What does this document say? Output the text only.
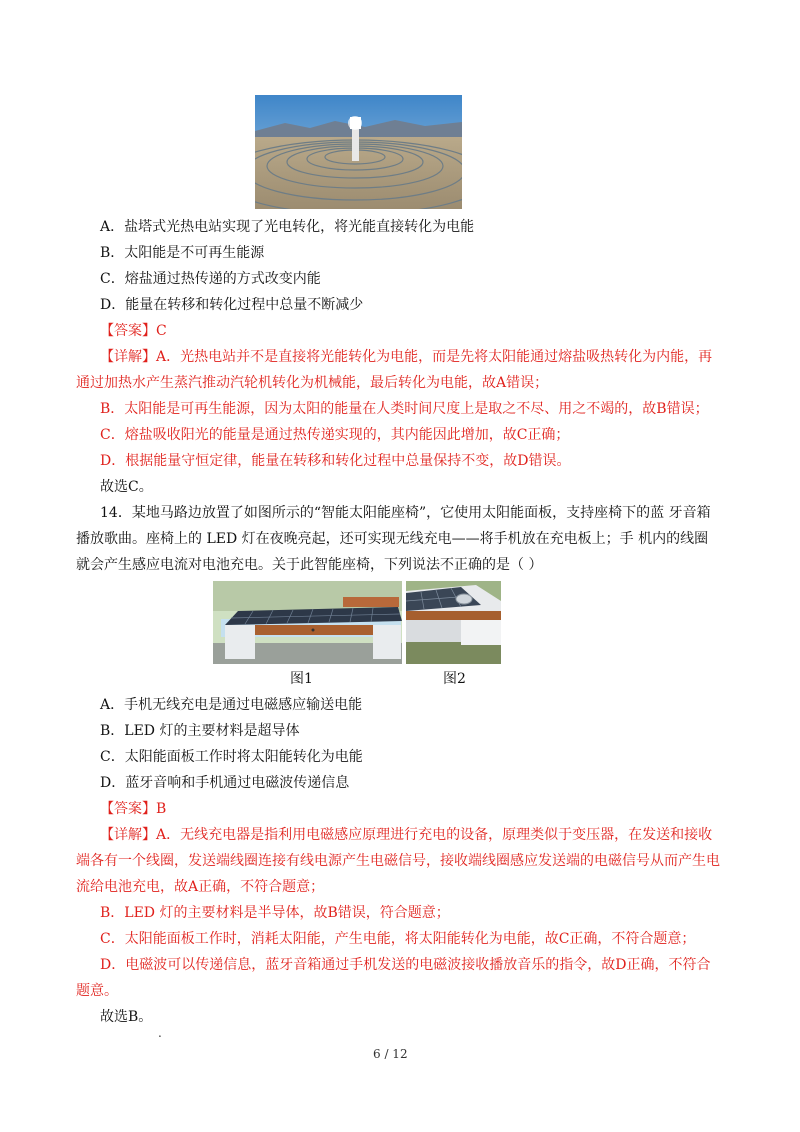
A．盐塔式光热电站实现了光电转化，将光能直接转化为电能
B．太阳能是不可再生能源
C．熔盐通过热传递的方式改变内能
D．能量在转移和转化过程中总量不断减少
【答案】C
【详解】A．光热电站并不是直接将光能转化为电能，而是先将太阳能通过熔盐吸热转化为内能，再
通过加热水产生蒸汽推动汽轮机转化为机械能，最后转化为电能，故A错误；
B．太阳能是可再生能源，因为太阳的能量在人类时间尺度上是取之不尽、用之不竭的，故B错误；
C．熔盐吸收阳光的能量是通过热传递实现的，其内能因此增加，故C正确；
D．根据能量守恒定律，能量在转移和转化过程中总量保持不变，故D错误。
故选C。
14．某地马路边放置了如图所示的“智能太阳能座椅”，它使用太阳能面板，支持座椅下的蓝 牙音箱
播放歌曲。座椅上的 LED 灯在夜晚亮起，还可实现无线充电——将手机放在充电板上；手 机内的线圈
就会产生感应电流对电池充电。关于此智能座椅，下列说法不正确的是（ ）
图1	图2
A．手机无线充电是通过电磁感应输送电能
B．LED 灯的主要材料是超导体
C．太阳能面板工作时将太阳能转化为电能
D．蓝牙音响和手机通过电磁波传递信息
【答案】B
【详解】A．无线充电器是指利用电磁感应原理进行充电的设备，原理类似于变压器，在发送和接收
端各有一个线圈，发送端线圈连接有线电源产生电磁信号，接收端线圈感应发送端的电磁信号从而产生电
流给电池充电，故A正确，不符合题意；
B．LED 灯的主要材料是半导体，故B错误，符合题意；
C．太阳能面板工作时，消耗太阳能，产生电能，将太阳能转化为电能，故C正确，不符合题意；
D．电磁波可以传递信息，蓝牙音箱通过手机发送的电磁波接收播放音乐的指令，故D正确，不符合
题意。
故选B。
.
6 / 12
